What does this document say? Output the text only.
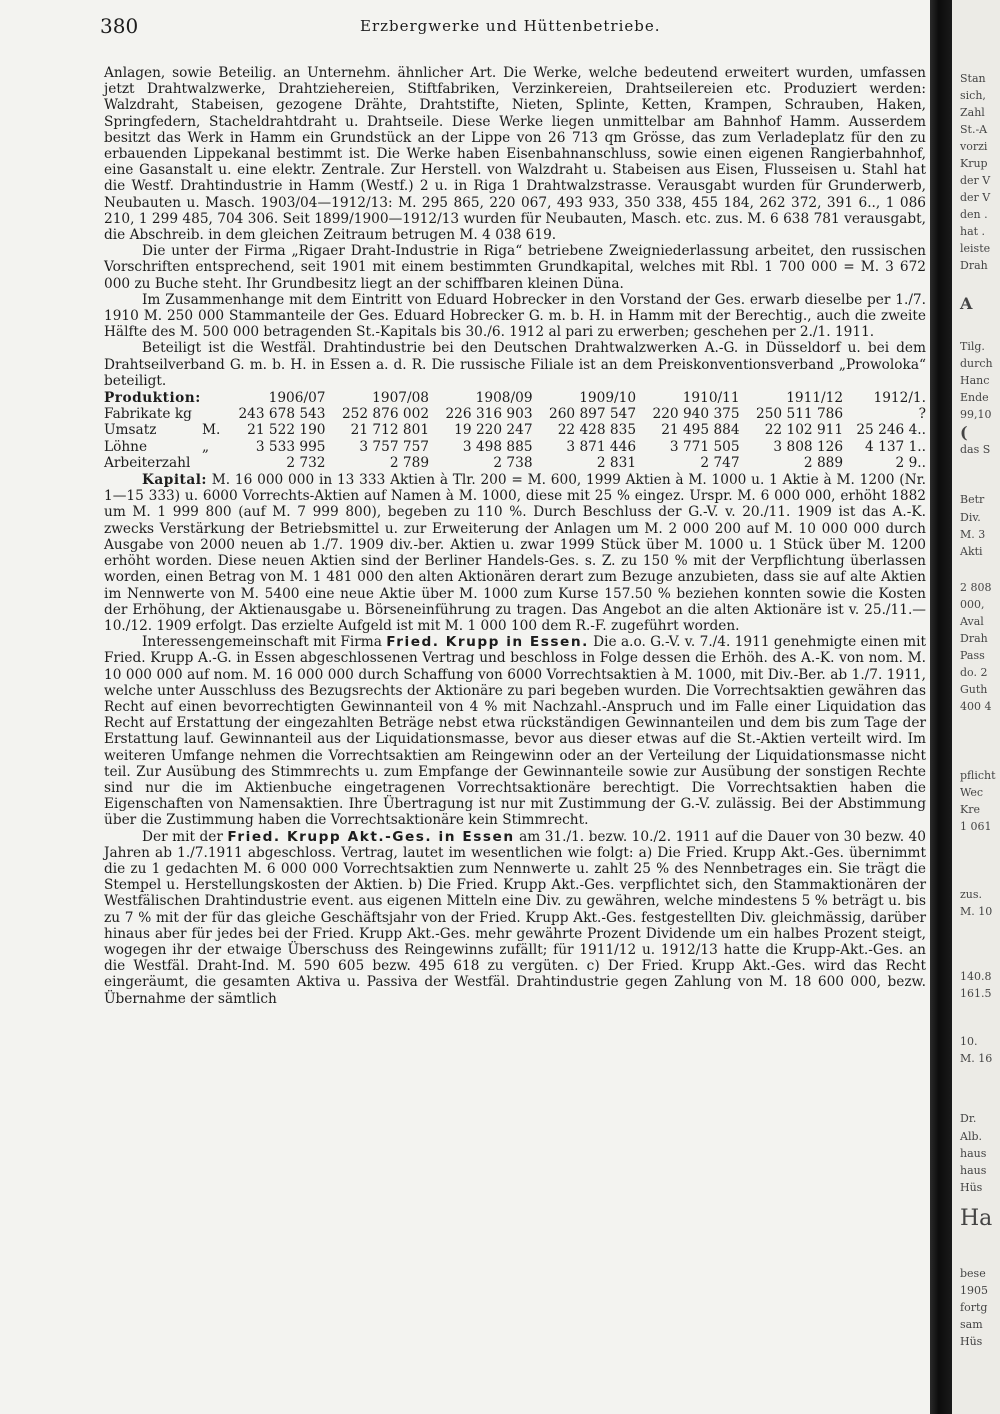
380	Erzbergwerke und Hüttenbetriebe.

Anlagen, sowie Beteilig. an Unternehm. ähnlicher Art. Die Werke, welche bedeutend erweitert wurden, umfassen jetzt Drahtwalzwerke, Drahtziehereien, Stiftfabriken, Verzinkereien, Drahtseilereien etc. Produziert werden: Walzdraht, Stabeisen, gezogene Drähte, Drahtstifte, Nieten, Splinte, Ketten, Krampen, Schrauben, Haken, Springfedern, Stacheldrahtdraht u. Drahtseile. Diese Werke liegen unmittelbar am Bahnhof Hamm. Ausserdem besitzt das Werk in Hamm ein Grundstück an der Lippe von 26 713 qm Grösse, das zum Verladeplatz für den zu erbauenden Lippekanal bestimmt ist. Die Werke haben Eisenbahnanschluss, sowie einen eigenen Rangierbahnhof, eine Gasanstalt u. eine elektr. Zentrale. Zur Herstell. von Walzdraht u. Stabeisen aus Eisen, Flusseisen u. Stahl hat die Westf. Drahtindustrie in Hamm (Westf.) 2 u. in Riga 1 Drahtwalzstrasse. Verausgabt wurden für Grunderwerb, Neubauten u. Masch. 1903/04—1912/13: M. 295 865, 220 067, 493 933, 350 338, 455 184, 262 372, 391 6.., 1 086 210, 1 299 485, 704 306. Seit 1899/1900—1912/13 wurden für Neubauten, Masch. etc. zus. M. 6 638 781 verausgabt, die Abschreib. in dem gleichen Zeitraum betrugen M. 4 038 619.

Die unter der Firma „Rigaer Draht-Industrie in Riga“ betriebene Zweigniederlassung arbeitet, den russischen Vorschriften entsprechend, seit 1901 mit einem bestimmten Grundkapital, welches mit Rbl. 1 700 000 = M. 3 672 000 zu Buche steht. Ihr Grundbesitz liegt an der schiffbaren kleinen Düna.

Im Zusammenhange mit dem Eintritt von Eduard Hobrecker in den Vorstand der Ges. erwarb dieselbe per 1./7. 1910 M. 250 000 Stammanteile der Ges. Eduard Hobrecker G. m. b. H. in Hamm mit der Berechtig., auch die zweite Hälfte des M. 500 000 betragenden St.-Kapitals bis 30./6. 1912 al pari zu erwerben; geschehen per 2./1. 1911.

Beteiligt ist die Westfäl. Drahtindustrie bei den Deutschen Drahtwalzwerken A.-G. in Düsseldorf u. bei dem Drahtseilverband G. m. b. H. in Essen a. d. R. Die russische Filiale ist an dem Preiskonventionsverband „Prowoloka“ beteiligt.

Produktion:		1906/07	1907/08	1908/09	1909/10	1910/11	1911/12	1912/1.
Fabrikate kg		243 678 543	252 876 002	226 316 903	260 897 547	220 940 375	250 511 786	?
Umsatz	M.	21 522 190	21 712 801	19 220 247	22 428 835	21 495 884	22 102 911	25 246 4..
Löhne	„	3 533 995	3 757 757	3 498 885	3 871 446	3 771 505	3 808 126	4 137 1..
Arbeiterzahl		2 732	2 789	2 738	2 831	2 747	2 889	2 9..

Kapital: M. 16 000 000 in 13 333 Aktien à Tlr. 200 = M. 600, 1999 Aktien à M. 1000 u. 1 Aktie à M. 1200 (Nr. 1—15 333) u. 6000 Vorrechts-Aktien auf Namen à M. 1000, diese mit 25 % eingez. Urspr. M. 6 000 000, erhöht 1882 um M. 1 999 800 (auf M. 7 999 800), begeben zu 110 %. Durch Beschluss der G.-V. v. 20./11. 1909 ist das A.-K. zwecks Verstärkung der Betriebsmittel u. zur Erweiterung der Anlagen um M. 2 000 200 auf M. 10 000 000 durch Ausgabe von 2000 neuen ab 1./7. 1909 div.-ber. Aktien u. zwar 1999 Stück über M. 1000 u. 1 Stück über M. 1200 erhöht worden. Diese neuen Aktien sind der Berliner Handels-Ges. s. Z. zu 150 % mit der Verpflichtung überlassen worden, einen Betrag von M. 1 481 000 den alten Aktionären derart zum Bezuge anzubieten, dass sie auf alte Aktien im Nennwerte von M. 5400 eine neue Aktie über M. 1000 zum Kurse 157.50 % beziehen konnten sowie die Kosten der Erhöhung, der Aktienausgabe u. Börseneinführung zu tragen. Das Angebot an die alten Aktionäre ist v. 25./11.—10./12. 1909 erfolgt. Das erzielte Aufgeld ist mit M. 1 000 100 dem R.-F. zugeführt worden.

Interessengemeinschaft mit Firma Fried. Krupp in Essen. Die a.o. G.-V. v. 7./4. 1911 genehmigte einen mit Fried. Krupp A.-G. in Essen abgeschlossenen Vertrag und beschloss in Folge dessen die Erhöh. des A.-K. von nom. M. 10 000 000 auf nom. M. 16 000 000 durch Schaffung von 6000 Vorrechtsaktien à M. 1000, mit Div.-Ber. ab 1./7. 1911, welche unter Ausschluss des Bezugsrechts der Aktionäre zu pari begeben wurden. Die Vorrechtsaktien gewähren das Recht auf einen bevorrechtigten Gewinnanteil von 4 % mit Nachzahl.-Anspruch und im Falle einer Liquidation das Recht auf Erstattung der eingezahlten Beträge nebst etwa rückständigen Gewinnanteilen und dem bis zum Tage der Erstattung lauf. Gewinnanteil aus der Liquidationsmasse, bevor aus dieser etwas auf die St.-Aktien verteilt wird. Im weiteren Umfange nehmen die Vorrechtsaktien am Reingewinn oder an der Verteilung der Liquidationsmasse nicht teil. Zur Ausübung des Stimmrechts u. zum Empfange der Gewinnanteile sowie zur Ausübung der sonstigen Rechte sind nur die im Aktienbuche eingetragenen Vorrechtsaktionäre berechtigt. Die Vorrechtsaktien haben die Eigenschaften von Namensaktien. Ihre Übertragung ist nur mit Zustimmung der G.-V. zulässig. Bei der Abstimmung über die Zustimmung haben die Vorrechtsaktionäre kein Stimmrecht.

Der mit der Fried. Krupp Akt.-Ges. in Essen am 31./1. bezw. 10./2. 1911 auf die Dauer von 30 bezw. 40 Jahren ab 1./7.1911 abgeschloss. Vertrag, lautet im wesentlichen wie folgt: a) Die Fried. Krupp Akt.-Ges. übernimmt die zu 1 gedachten M. 6 000 000 Vorrechtsaktien zum Nennwerte u. zahlt 25 % des Nennbetrages ein. Sie trägt die Stempel u. Herstellungskosten der Aktien. b) Die Fried. Krupp Akt.-Ges. verpflichtet sich, den Stammaktionären der Westfälischen Drahtindustrie event. aus eigenen Mitteln eine Div. zu gewähren, welche mindestens 5 % beträgt u. bis zu 7 % mit der für das gleiche Geschäftsjahr von der Fried. Krupp Akt.-Ges. festgestellten Div. gleichmässig, darüber hinaus aber für jedes bei der Fried. Krupp Akt.-Ges. mehr gewährte Prozent Dividende um ein halbes Prozent steigt, wogegen ihr der etwaige Überschuss des Reingewinns zufällt; für 1911/12 u. 1912/13 hatte die Krupp-Akt.-Ges. an die Westfäl. Draht-Ind. M. 590 605 bezw. 495 618 zu vergüten. c) Der Fried. Krupp Akt.-Ges. wird das Recht eingeräumt, die gesamten Aktiva u. Passiva der Westfäl. Drahtindustrie gegen Zahlung von M. 18 600 000, bezw. Übernahme der sämtlich

Stan
sich,
Zahl
St.-A
vorzi
Krup
der V
der V
den .
hat .
leiste
Drah
A
Tilg.
durch
Hanc
Ende
99,10
(
das S
Betr
Div.
M. 3
Akti
2 808
000,
Aval
Drah
Pass
do. 2
Guth
400 4
pflicht
Wec
Kre
1 061
zus.
M. 10
140.8
161.5
10.
M. 16
Dr.
Alb.
haus
haus
Hüs
Ha
bese
1905
fortg
sam
Hüs
